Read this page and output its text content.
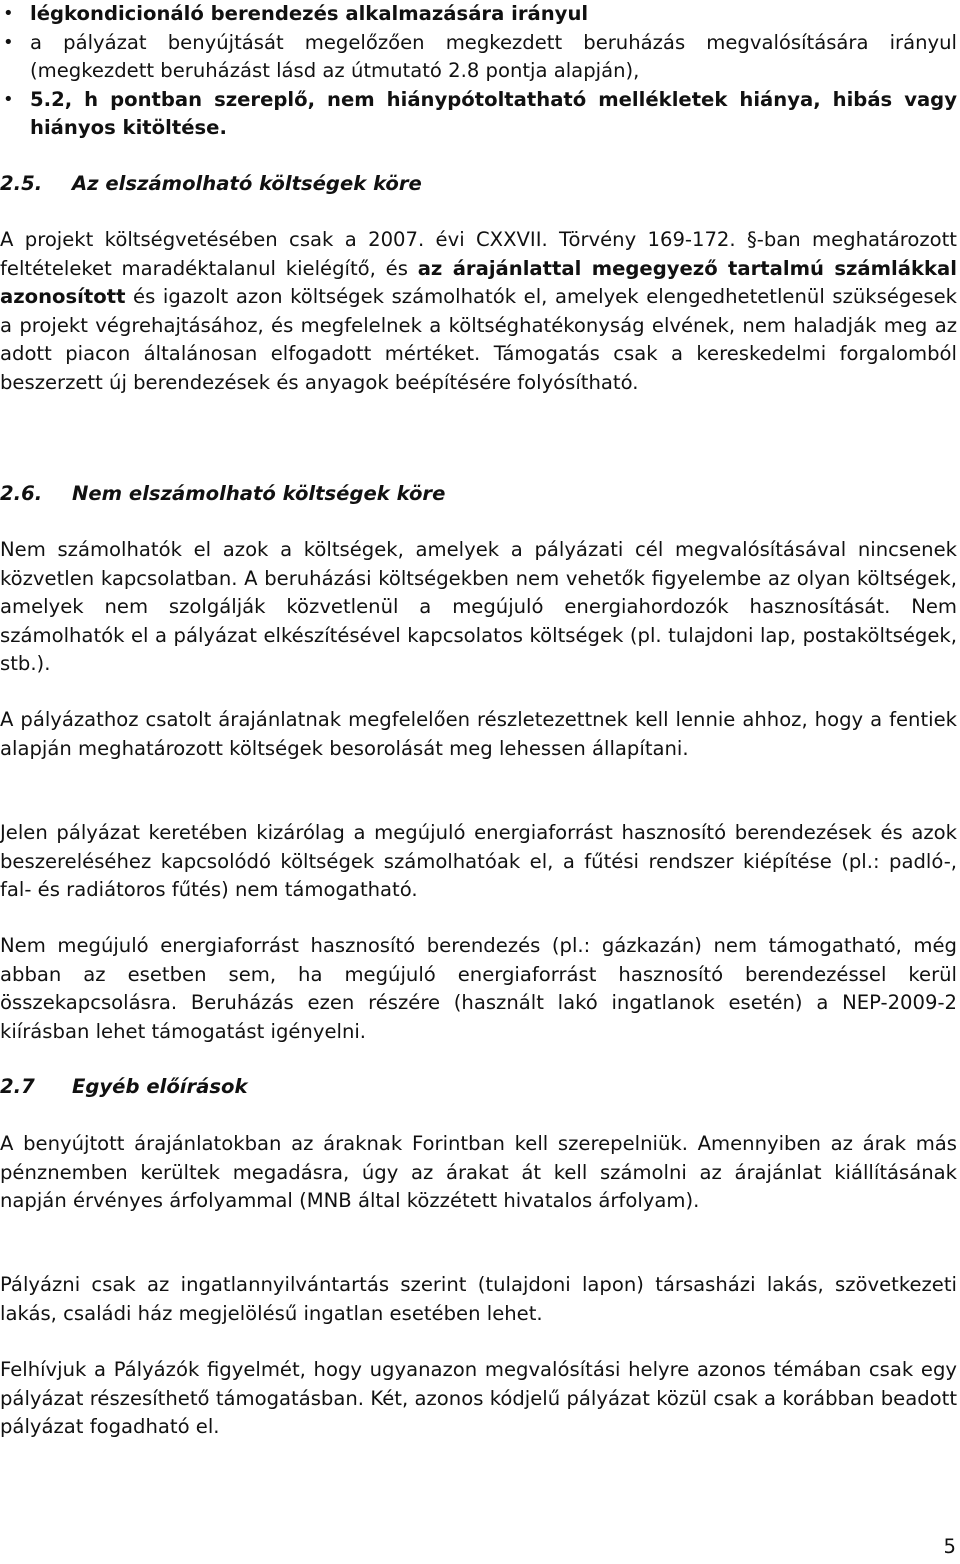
• légkondicionáló berendezés alkalmazására irányul
• a pályázat benyújtását megelőzően megkezdett beruházás megvalósítására irányul (megkezdett beruházást lásd az útmutató 2.8 pontja alapján),
• 5.2, h pontban szereplő, nem hiánypótoltatható mellékletek hiánya, hibás vagy hiányos kitöltése.
2.5. Az elszámolható költségek köre

A projekt költségvetésében csak a 2007. évi CXXVII. Törvény 169-172. §-ban meghatározott feltételeket maradéktalanul kielégítő, és az árajánlattal megegyező tartalmú számlákkal azonosított és igazolt azon költségek számolhatók el, amelyek elengedhetetlenül szükségesek a projekt végrehajtásához, és megfelelnek a költséghatékonyság elvének, nem haladják meg az adott piacon általánosan elfogadott mértéket. Támogatás csak a kereskedelmi forgalomból beszerzett új berendezések és anyagok beépítésére folyósítható.

2.6. Nem elszámolható költségek köre

Nem számolhatók el azok a költségek, amelyek a pályázati cél megvalósításával nincsenek közvetlen kapcsolatban. A beruházási költségekben nem vehetők figyelembe az olyan költségek, amelyek nem szolgálják közvetlenül a megújuló energiahordozók hasznosítását. Nem számolhatók el a pályázat elkészítésével kapcsolatos költségek (pl. tulajdoni lap, postaköltségek, stb.).

A pályázathoz csatolt árajánlatnak megfelelően részletezettnek kell lennie ahhoz, hogy a fentiek alapján meghatározott költségek besorolását meg lehessen állapítani.

Jelen pályázat keretében kizárólag a megújuló energiaforrást hasznosító berendezések és azok beszereléséhez kapcsolódó költségek számolhatóak el, a fűtési rendszer kiépítése (pl.: padló-, fal- és radiátoros fűtés) nem támogatható.

Nem megújuló energiaforrást hasznosító berendezés (pl.: gázkazán) nem támogatható, még abban az esetben sem, ha megújuló energiaforrást hasznosító berendezéssel kerül összekapcsolásra. Beruházás ezen részére (használt lakó ingatlanok esetén) a NEP-2009-2 kiírásban lehet támogatást igényelni.

2.7 Egyéb előírások

A benyújtott árajánlatokban az áraknak Forintban kell szerepelniük. Amennyiben az árak más pénznemben kerültek megadásra, úgy az árakat át kell számolni az árajánlat kiállításának napján érvényes árfolyammal (MNB által közzétett hivatalos árfolyam).

Pályázni csak az ingatlannyilvántartás szerint (tulajdoni lapon) társasházi lakás, szövetkezeti lakás, családi ház megjelölésű ingatlan esetében lehet.

Felhívjuk a Pályázók figyelmét, hogy ugyanazon megvalósítási helyre azonos témában csak egy pályázat részesíthető támogatásban. Két, azonos kódjelű pályázat közül csak a korábban beadott pályázat fogadható el.

5
